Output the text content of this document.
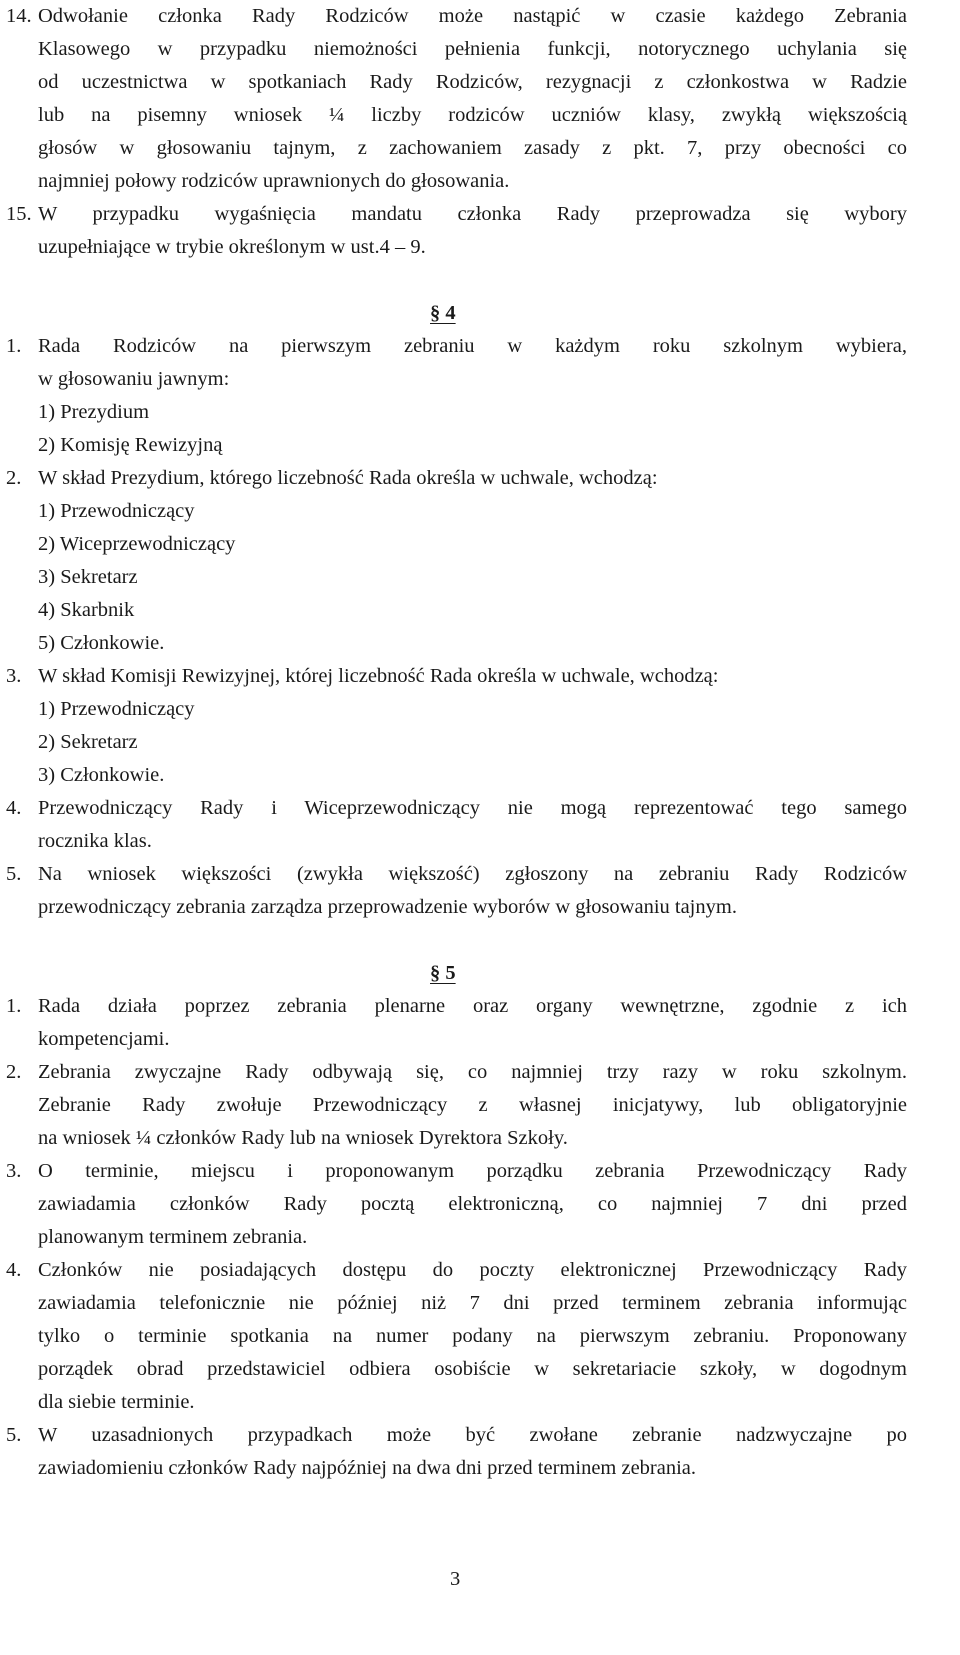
14. Odwołanie członka Rady Rodziców może nastąpić w czasie każdego Zebrania
Klasowego w przypadku niemożności pełnienia funkcji, notorycznego uchylania się
od uczestnictwa w spotkaniach Rady Rodziców, rezygnacji z członkostwa w Radzie
lub na pisemny wniosek ¼ liczby rodziców uczniów klasy, zwykłą większością
głosów w głosowaniu tajnym, z zachowaniem zasady z pkt. 7, przy obecności co
najmniej połowy rodziców uprawnionych do głosowania.
15. W przypadku wygaśnięcia mandatu członka Rady przeprowadza się wybory
uzupełniające w trybie określonym w ust.4 – 9.
§ 4
1. Rada Rodziców na pierwszym zebraniu w każdym roku szkolnym wybiera,
w głosowaniu jawnym:
1) Prezydium
2) Komisję Rewizyjną
2. W skład Prezydium, którego liczebność Rada określa w uchwale, wchodzą:
1) Przewodniczący
2) Wiceprzewodniczący
3) Sekretarz
4) Skarbnik
5) Członkowie.
3. W skład Komisji Rewizyjnej, której liczebność Rada określa w uchwale, wchodzą:
1) Przewodniczący
2) Sekretarz
3) Członkowie.
4. Przewodniczący Rady i Wiceprzewodniczący nie mogą reprezentować tego samego
rocznika klas.
5. Na wniosek większości (zwykła większość) zgłoszony na zebraniu Rady Rodziców
przewodniczący zebrania zarządza przeprowadzenie wyborów w głosowaniu tajnym.
§ 5
1. Rada działa poprzez zebrania plenarne oraz organy wewnętrzne, zgodnie z ich
kompetencjami.
2. Zebrania zwyczajne Rady odbywają się, co najmniej trzy razy w roku szkolnym.
Zebranie Rady zwołuje Przewodniczący z własnej inicjatywy, lub obligatoryjnie
na wniosek ¼ członków Rady lub na wniosek Dyrektora Szkoły.
3. O terminie, miejscu i proponowanym porządku zebrania Przewodniczący Rady
zawiadamia członków Rady pocztą elektroniczną, co najmniej 7 dni przed
planowanym terminem zebrania.
4. Członków nie posiadających dostępu do poczty elektronicznej Przewodniczący Rady
zawiadamia telefonicznie nie później niż 7 dni przed terminem zebrania informując
tylko o terminie spotkania na numer podany na pierwszym zebraniu. Proponowany
porządek obrad przedstawiciel odbiera osobiście w sekretariacie szkoły, w dogodnym
dla siebie terminie.
5. W uzasadnionych przypadkach może być zwołane zebranie nadzwyczajne po
zawiadomieniu członków Rady najpóźniej na dwa dni przed terminem zebrania.
3
